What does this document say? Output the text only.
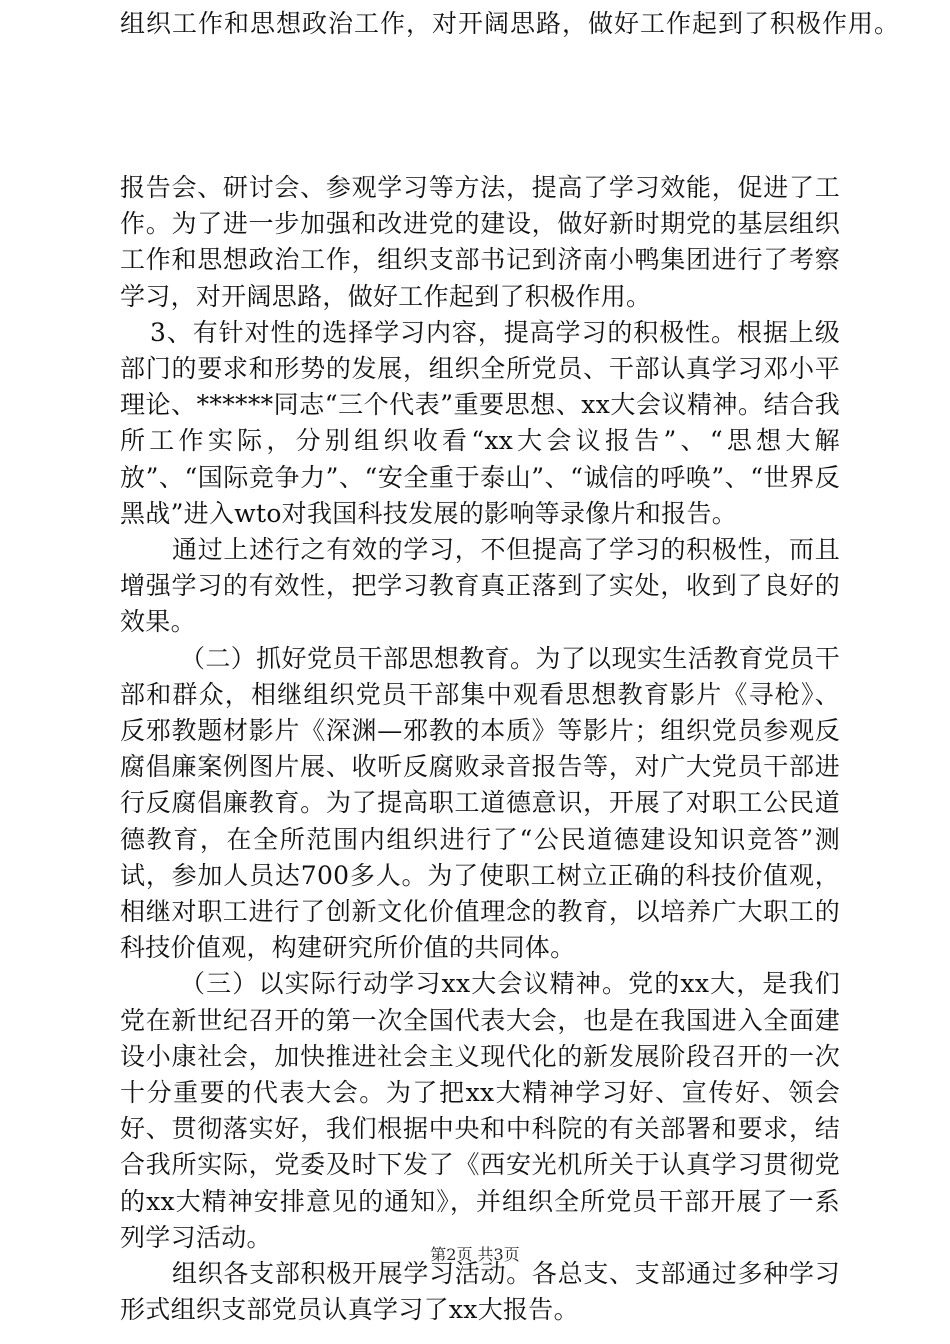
组织工作和思想政治工作，对开阔思路，做好工作起到了积极作用。

报告会、研讨会、参观学习等方法，提高了学习效能，促进了工作。为了进一步加强和改进党的建设，做好新时期党的基层组织工作和思想政治工作，组织支部书记到济南小鸭集团进行了考察学习，对开阔思路，做好工作起到了积极作用。

3、有针对性的选择学习内容，提高学习的积极性。根据上级部门的要求和形势的发展，组织全所党员、干部认真学习邓小平理论、******同志“三个代表”重要思想、xx大会议精神。结合我所工作实际，分别组织收看“xx大会议报告”、“思想大解放”、“国际竞争力”、“安全重于泰山”、“诚信的呼唤”、“世界反黑战”进入wto对我国科技发展的影响等录像片和报告。

通过上述行之有效的学习，不但提高了学习的积极性，而且增强学习的有效性，把学习教育真正落到了实处，收到了良好的效果。

（二）抓好党员干部思想教育。为了以现实生活教育党员干部和群众，相继组织党员干部集中观看思想教育影片《寻枪》、反邪教题材影片《深渊—邪教的本质》等影片；组织党员参观反腐倡廉案例图片展、收听反腐败录音报告等，对广大党员干部进行反腐倡廉教育。为了提高职工道德意识，开展了对职工公民道德教育，在全所范围内组织进行了“公民道德建设知识竞答”测试，参加人员达700多人。为了使职工树立正确的科技价值观，相继对职工进行了创新文化价值理念的教育，以培养广大职工的科技价值观，构建研究所价值的共同体。

（三）以实际行动学习xx大会议精神。党的xx大，是我们党在新世纪召开的第一次全国代表大会，也是在我国进入全面建设小康社会，加快推进社会主义现代化的新发展阶段召开的一次十分重要的代表大会。为了把xx大精神学习好、宣传好、领会好、贯彻落实好，我们根据中央和中科院的有关部署和要求，结合我所实际，党委及时下发了《西安光机所关于认真学习贯彻党的xx大精神安排意见的通知》，并组织全所党员干部开展了一系列学习活动。

组织各支部积极开展学习活动。各总支、支部通过多种学习形式组织支部党员认真学习了xx大报告。

第2页 共3页
